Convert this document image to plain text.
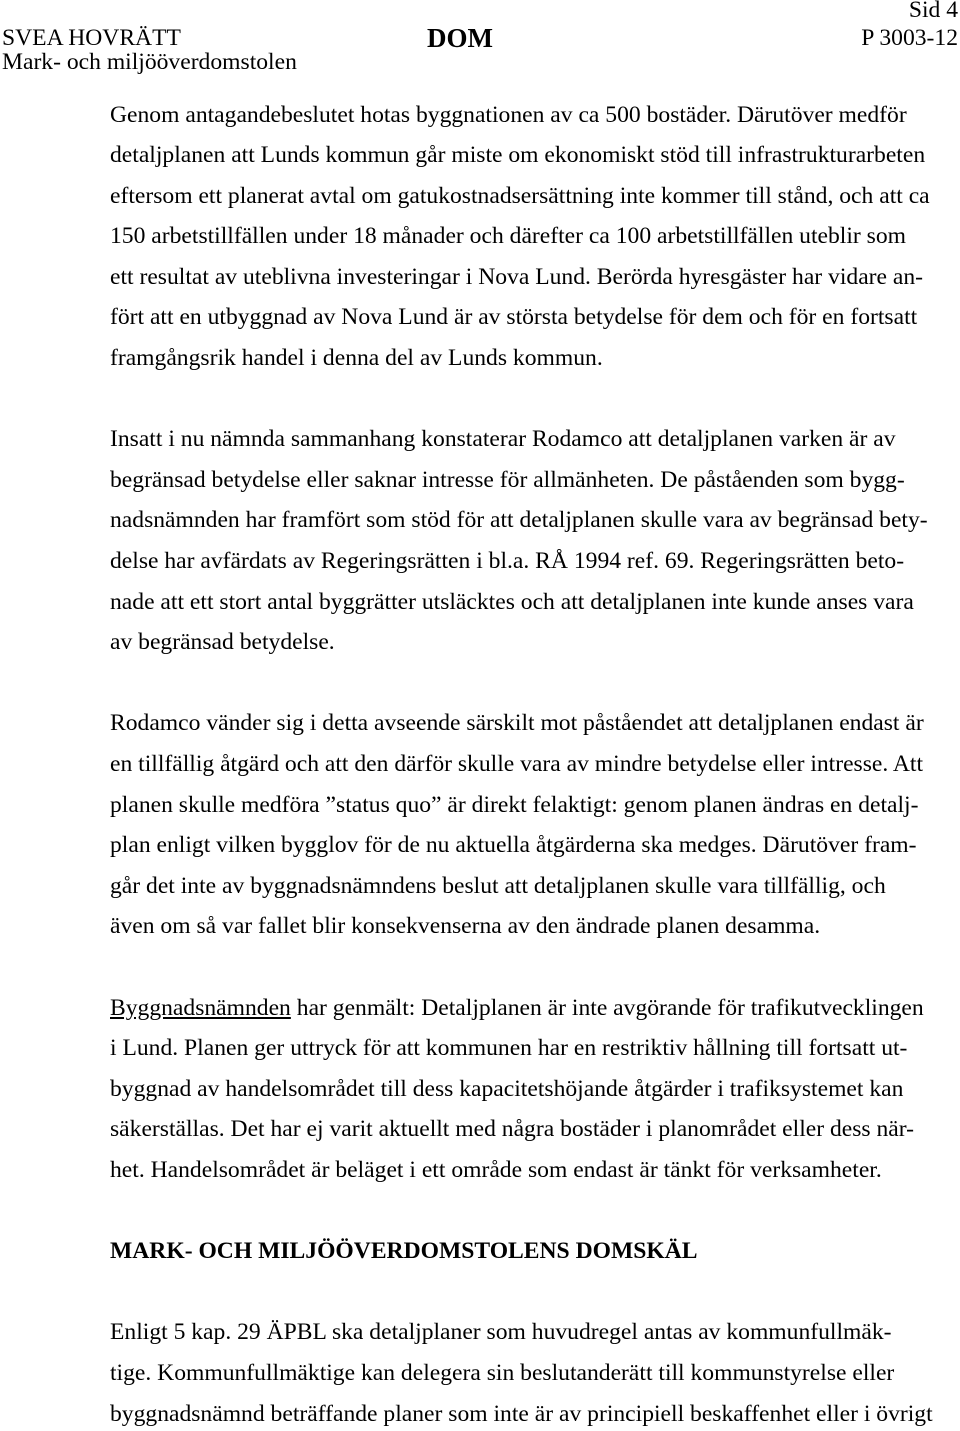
Sid 4
SVEA HOVRÄTT
Mark- och miljööverdomstolen
DOM	P 3003-12
Genom antagandebeslutet hotas byggnationen av ca 500 bostäder. Därutöver medför
detaljplanen att Lunds kommun går miste om ekonomiskt stöd till infrastrukturarbeten
eftersom ett planerat avtal om gatukostnadsersättning inte kommer till stånd, och att ca
150 arbetstillfällen under 18 månader och därefter ca 100 arbetstillfällen uteblir som
ett resultat av uteblivna investeringar i Nova Lund. Berörda hyresgäster har vidare an-
fört att en utbyggnad av Nova Lund är av största betydelse för dem och för en fortsatt
framgångsrik handel i denna del av Lunds kommun.
Insatt i nu nämnda sammanhang konstaterar Rodamco att detaljplanen varken är av
begränsad betydelse eller saknar intresse för allmänheten. De påståenden som bygg-
nadsnämnden har framfört som stöd för att detaljplanen skulle vara av begränsad bety-
delse har avfärdats av Regeringsrätten i bl.a. RÅ 1994 ref. 69. Regeringsrätten beto-
nade att ett stort antal byggrätter utsläcktes och att detaljplanen inte kunde anses vara
av begränsad betydelse.
Rodamco vänder sig i detta avseende särskilt mot påståendet att detaljplanen endast är
en tillfällig åtgärd och att den därför skulle vara av mindre betydelse eller intresse. Att
planen skulle medföra ”status quo” är direkt felaktigt: genom planen ändras en detalj-
plan enligt vilken bygglov för de nu aktuella åtgärderna ska medges. Därutöver fram-
går det inte av byggnadsnämndens beslut att detaljplanen skulle vara tillfällig, och
även om så var fallet blir konsekvenserna av den ändrade planen desamma.
Byggnadsnämnden har genmält: Detaljplanen är inte avgörande för trafikutvecklingen
i Lund. Planen ger uttryck för att kommunen har en restriktiv hållning till fortsatt ut-
byggnad av handelsområdet till dess kapacitetshöjande åtgärder i trafiksystemet kan
säkerställas. Det har ej varit aktuellt med några bostäder i planområdet eller dess när-
het. Handelsområdet är beläget i ett område som endast är tänkt för verksamheter.
MARK- OCH MILJÖÖVERDOMSTOLENS DOMSKÄL
Enligt 5 kap. 29 ÄPBL ska detaljplaner som huvudregel antas av kommunfullmäk-
tige. Kommunfullmäktige kan delegera sin beslutanderätt till kommunstyrelse eller
byggnadsnämnd beträffande planer som inte är av principiell beskaffenhet eller i övrigt
